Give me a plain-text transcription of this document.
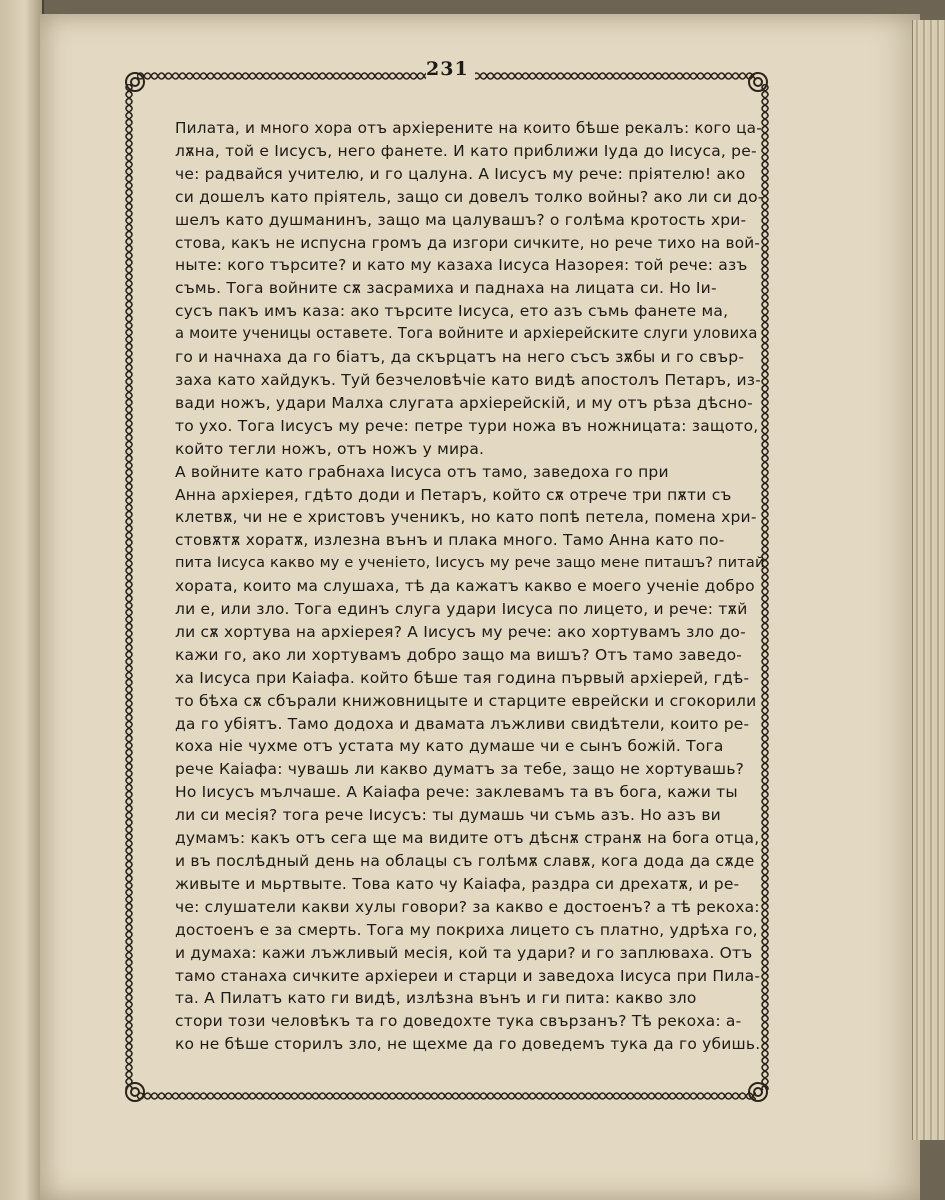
231
Пилата, и много хора отъ архіерените на които бѣше рекалъ: кого ца-
лѫна, той е Іисусъ, него фанете. И като приближи Іуда до Іисуса, ре-
че: радвайся учителю, и го цалуна. А Іисусъ му рече: пріятелю! ако
си дошелъ като пріятель, защо си довелъ толко войны? ако ли си до-
шелъ като душманинъ, защо ма цалувашъ? о голѣма кротость хри-
стова, какъ не испусна громъ да изгори сичките, но рече тихо на вой-
ныте: кого търсите? и като му казаха Іисуса Назорея: той рече: азъ
съмь. Тога войните сѫ засрамиха и паднаха на лицата си. Но Іи-
сусъ пакъ имъ каза: ако търсите Іисуса, ето азъ съмь фанете ма,
а моите ученицы оставете. Тога войните и архіерейските слуги уловиха
го и начнаха да го біатъ, да скърцатъ на него съсъ зѫбы и го свър-
заха като хайдукъ. Туй безчеловѣчіе като видѣ апостолъ Петаръ, из-
вади ножъ, удари Малха слугата архіерейскій, и му отъ рѣза дѣсно-
то ухо. Тога Іисусъ му рече: петре тури ножа въ ножницата: защото,
който тегли ножъ, отъ ножъ у мира.
А войните като грабнаха Іисуса отъ тамо, заведоха го при
Анна архіерея, гдѣто доди и Петаръ, който сѫ отрече три пѫти съ
клетвѫ, чи не е христовъ ученикъ, но като попѣ петела, помена хри-
стовѫтѫ хоратѫ, излезна вънъ и плака много. Тамо Анна като по-
пита Іисуса какво му е ученіето, Іисусъ му рече защо мене питашъ? питай
хората, които ма слушаха, тѣ да кажатъ какво е моего ученіе добро
ли е, или зло. Тога единъ слуга удари Іисуса по лицето, и рече: тѫй
ли сѫ хортува на архіерея? А Іисусъ му рече: ако хортувамъ зло до-
кажи го, ако ли хортувамъ добро защо ма вишъ? Отъ тамо заведо-
ха Іисуса при Каіафа. който бѣше тая година първый архіерей, гдѣ-
то бѣха сѫ сбърали книжовницыте и старците еврейски и сгокорили
да го убіятъ. Тамо додоха и двамата лъжливи свидѣтели, които ре-
коха ніе чухме отъ устата му като думаше чи е сынъ божій. Тога
рече Каіафа: чувашь ли какво думатъ за тебе, защо не хортувашь?
Но Іисусъ мълчаше. А Каіафа рече: заклевамъ та въ бога, кажи ты
ли си месія? тога рече Іисусъ: ты думашь чи съмь азъ. Но азъ ви
думамъ: какъ отъ сега ще ма видите отъ дѣснѫ странѫ на бога отца,
и въ послѣдный день на облацы съ голѣмѫ славѫ, кога дода да сѫде
живыте и мьртвыте. Това като чу Каіафа, раздра си дрехатѫ, и ре-
че: слушатели какви хулы говори? за какво е достоенъ? а тѣ рекоха:
достоенъ е за смерть. Тога му покриха лицето съ платно, удрѣха го,
и думаха: кажи лъжливый месія, кой та удари? и го заплюваха. Отъ
тамо станаха сичките архіереи и старци и заведоха Іисуса при Пила-
та. А Пилатъ като ги видѣ, излѣзна вънъ и ги пита: какво зло
стори този человѣкъ та го доведохте тука свързанъ? Тѣ рекоха: а-
ко не бѣше сторилъ зло, не щехме да го доведемъ тука да го убишь.
